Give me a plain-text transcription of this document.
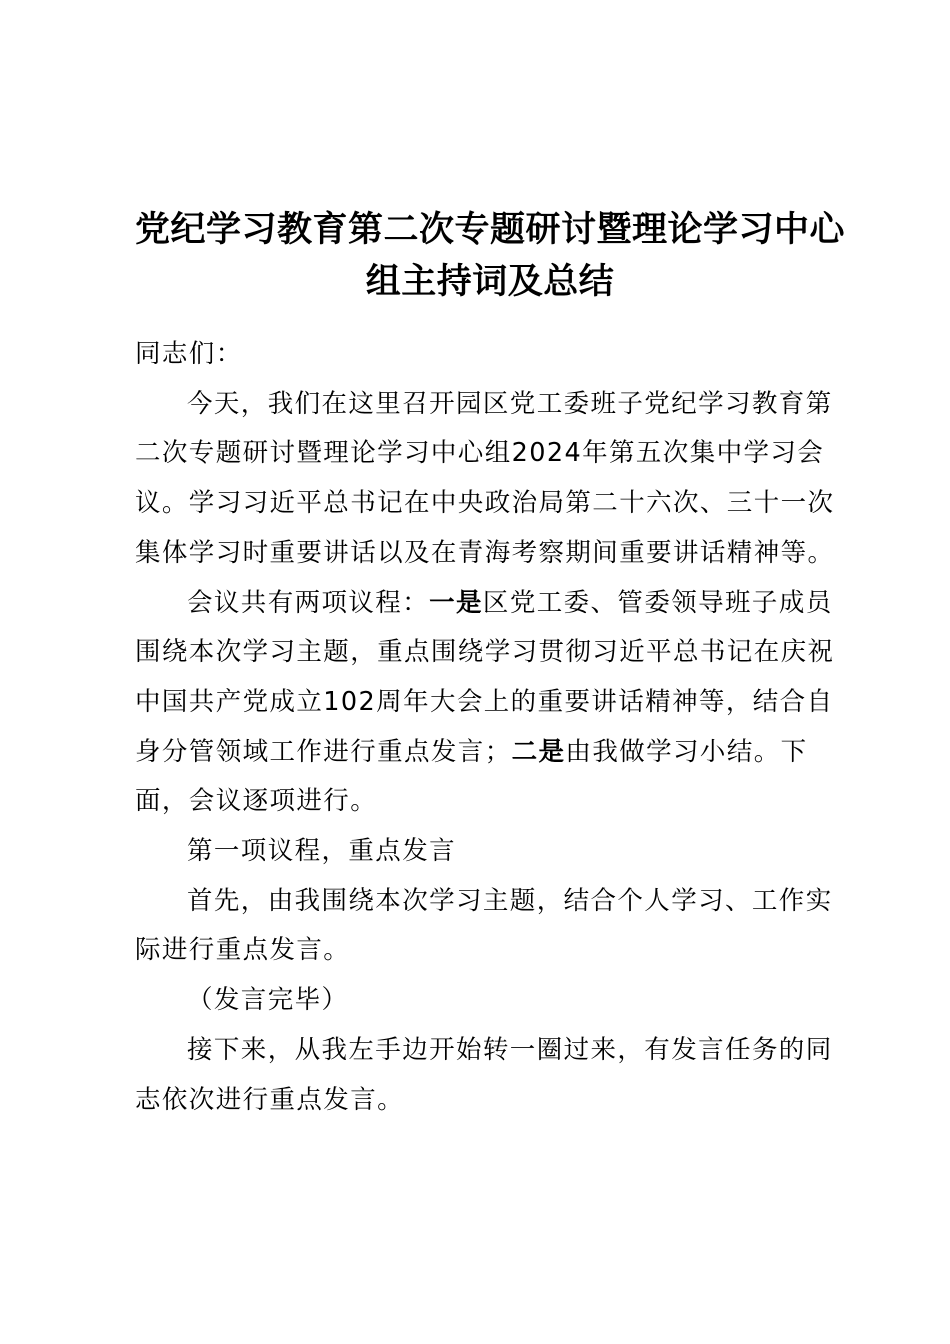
党纪学习教育第二次专题研讨暨理论学习中心组主持词及总结

同志们：

今天，我们在这里召开园区党工委班子党纪学习教育第二次专题研讨暨理论学习中心组2024年第五次集中学习会议。学习习近平总书记在中央政治局第二十六次、三十一次集体学习时重要讲话以及在青海考察期间重要讲话精神等。

会议共有两项议程：一是区党工委、管委领导班子成员围绕本次学习主题，重点围绕学习贯彻习近平总书记在庆祝中国共产党成立102周年大会上的重要讲话精神等，结合自身分管领域工作进行重点发言；二是由我做学习小结。下面，会议逐项进行。

第一项议程，重点发言

首先，由我围绕本次学习主题，结合个人学习、工作实际进行重点发言。

（发言完毕）

接下来，从我左手边开始转一圈过来，有发言任务的同志依次进行重点发言。
